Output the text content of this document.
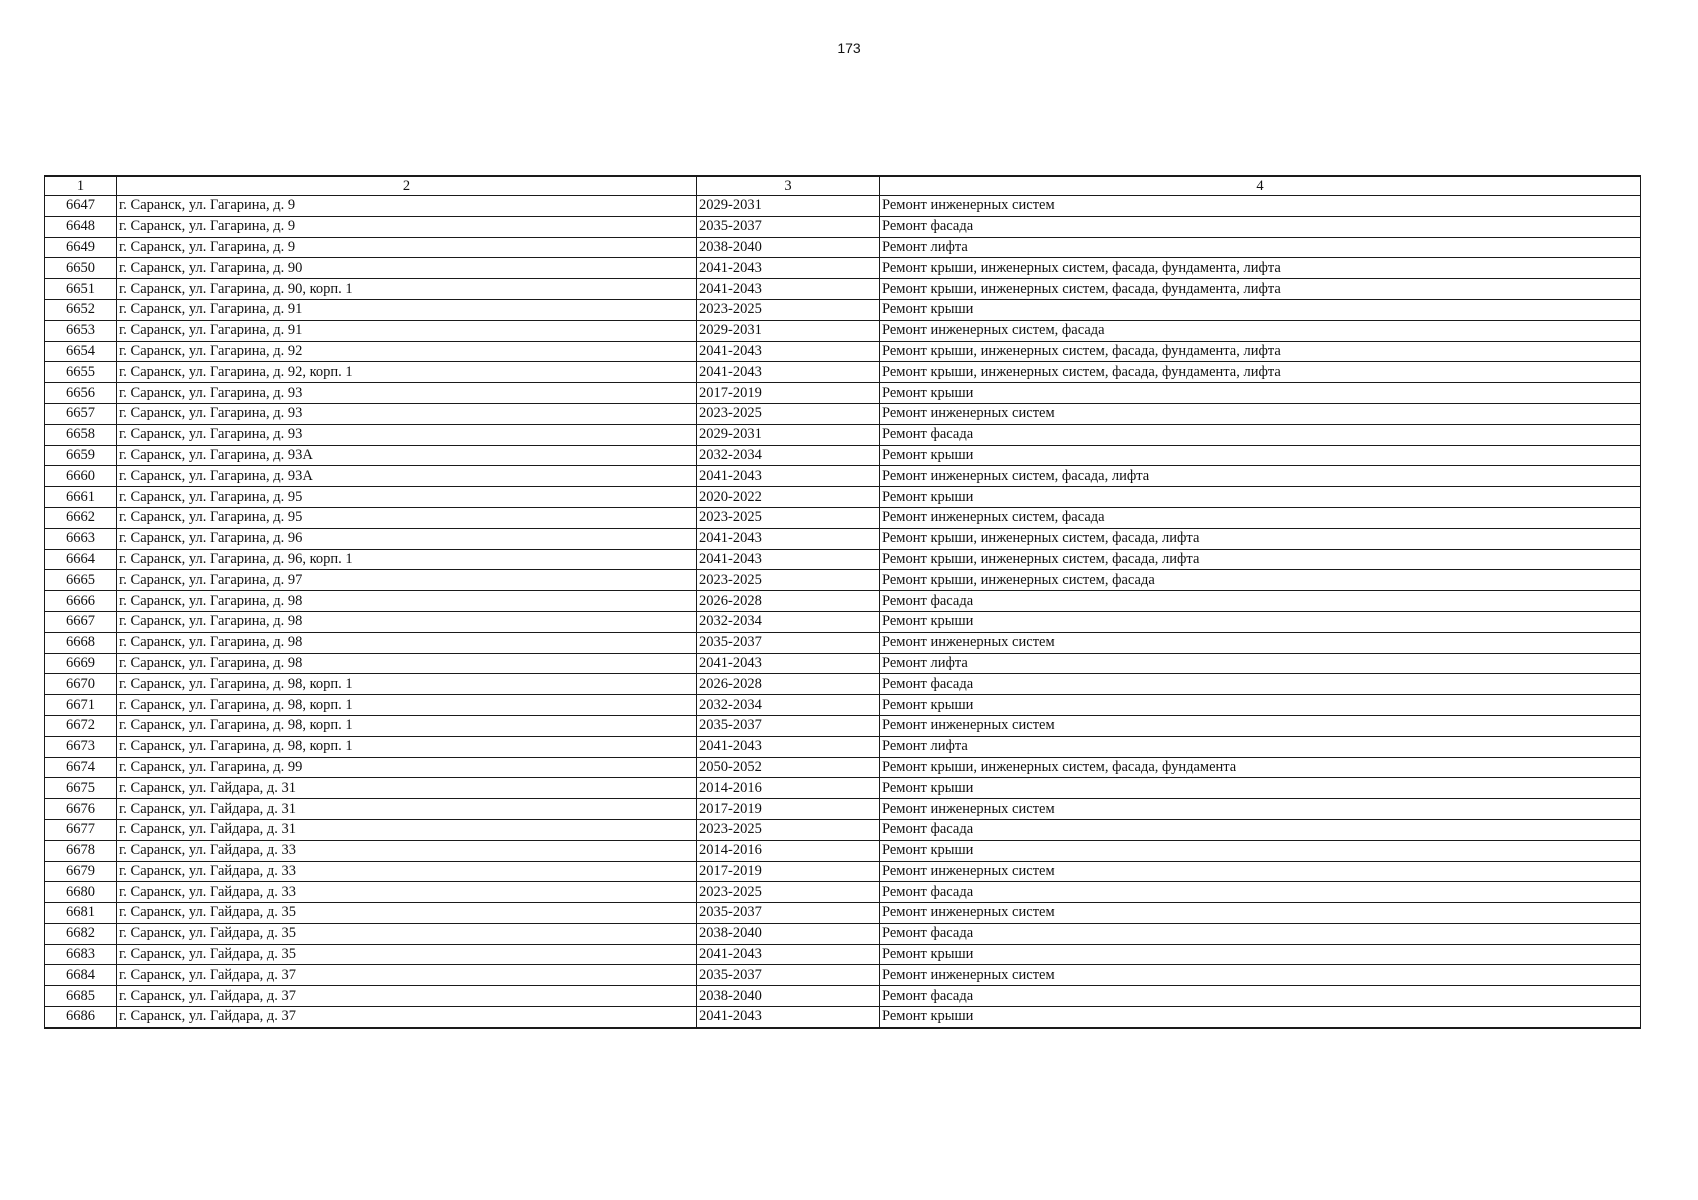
173
1	2	3	4
6647	г. Саранск, ул. Гагарина, д. 9	2029-2031	Ремонт инженерных систем
6648	г. Саранск, ул. Гагарина, д. 9	2035-2037	Ремонт фасада
6649	г. Саранск, ул. Гагарина, д. 9	2038-2040	Ремонт лифта
6650	г. Саранск, ул. Гагарина, д. 90	2041-2043	Ремонт крыши, инженерных систем, фасада, фундамента, лифта
6651	г. Саранск, ул. Гагарина, д. 90, корп. 1	2041-2043	Ремонт крыши, инженерных систем, фасада, фундамента, лифта
6652	г. Саранск, ул. Гагарина, д. 91	2023-2025	Ремонт крыши
6653	г. Саранск, ул. Гагарина, д. 91	2029-2031	Ремонт инженерных систем, фасада
6654	г. Саранск, ул. Гагарина, д. 92	2041-2043	Ремонт крыши, инженерных систем, фасада, фундамента, лифта
6655	г. Саранск, ул. Гагарина, д. 92, корп. 1	2041-2043	Ремонт крыши, инженерных систем, фасада, фундамента, лифта
6656	г. Саранск, ул. Гагарина, д. 93	2017-2019	Ремонт крыши
6657	г. Саранск, ул. Гагарина, д. 93	2023-2025	Ремонт инженерных систем
6658	г. Саранск, ул. Гагарина, д. 93	2029-2031	Ремонт фасада
6659	г. Саранск, ул. Гагарина, д. 93А	2032-2034	Ремонт крыши
6660	г. Саранск, ул. Гагарина, д. 93А	2041-2043	Ремонт инженерных систем, фасада, лифта
6661	г. Саранск, ул. Гагарина, д. 95	2020-2022	Ремонт крыши
6662	г. Саранск, ул. Гагарина, д. 95	2023-2025	Ремонт инженерных систем, фасада
6663	г. Саранск, ул. Гагарина, д. 96	2041-2043	Ремонт крыши, инженерных систем, фасада, лифта
6664	г. Саранск, ул. Гагарина, д. 96, корп. 1	2041-2043	Ремонт крыши, инженерных систем, фасада, лифта
6665	г. Саранск, ул. Гагарина, д. 97	2023-2025	Ремонт крыши, инженерных систем, фасада
6666	г. Саранск, ул. Гагарина, д. 98	2026-2028	Ремонт фасада
6667	г. Саранск, ул. Гагарина, д. 98	2032-2034	Ремонт крыши
6668	г. Саранск, ул. Гагарина, д. 98	2035-2037	Ремонт инженерных систем
6669	г. Саранск, ул. Гагарина, д. 98	2041-2043	Ремонт лифта
6670	г. Саранск, ул. Гагарина, д. 98, корп. 1	2026-2028	Ремонт фасада
6671	г. Саранск, ул. Гагарина, д. 98, корп. 1	2032-2034	Ремонт крыши
6672	г. Саранск, ул. Гагарина, д. 98, корп. 1	2035-2037	Ремонт инженерных систем
6673	г. Саранск, ул. Гагарина, д. 98, корп. 1	2041-2043	Ремонт лифта
6674	г. Саранск, ул. Гагарина, д. 99	2050-2052	Ремонт крыши, инженерных систем, фасада, фундамента
6675	г. Саранск, ул. Гайдара, д. 31	2014-2016	Ремонт крыши
6676	г. Саранск, ул. Гайдара, д. 31	2017-2019	Ремонт инженерных систем
6677	г. Саранск, ул. Гайдара, д. 31	2023-2025	Ремонт фасада
6678	г. Саранск, ул. Гайдара, д. 33	2014-2016	Ремонт крыши
6679	г. Саранск, ул. Гайдара, д. 33	2017-2019	Ремонт инженерных систем
6680	г. Саранск, ул. Гайдара, д. 33	2023-2025	Ремонт фасада
6681	г. Саранск, ул. Гайдара, д. 35	2035-2037	Ремонт инженерных систем
6682	г. Саранск, ул. Гайдара, д. 35	2038-2040	Ремонт фасада
6683	г. Саранск, ул. Гайдара, д. 35	2041-2043	Ремонт крыши
6684	г. Саранск, ул. Гайдара, д. 37	2035-2037	Ремонт инженерных систем
6685	г. Саранск, ул. Гайдара, д. 37	2038-2040	Ремонт фасада
6686	г. Саранск, ул. Гайдара, д. 37	2041-2043	Ремонт крыши
